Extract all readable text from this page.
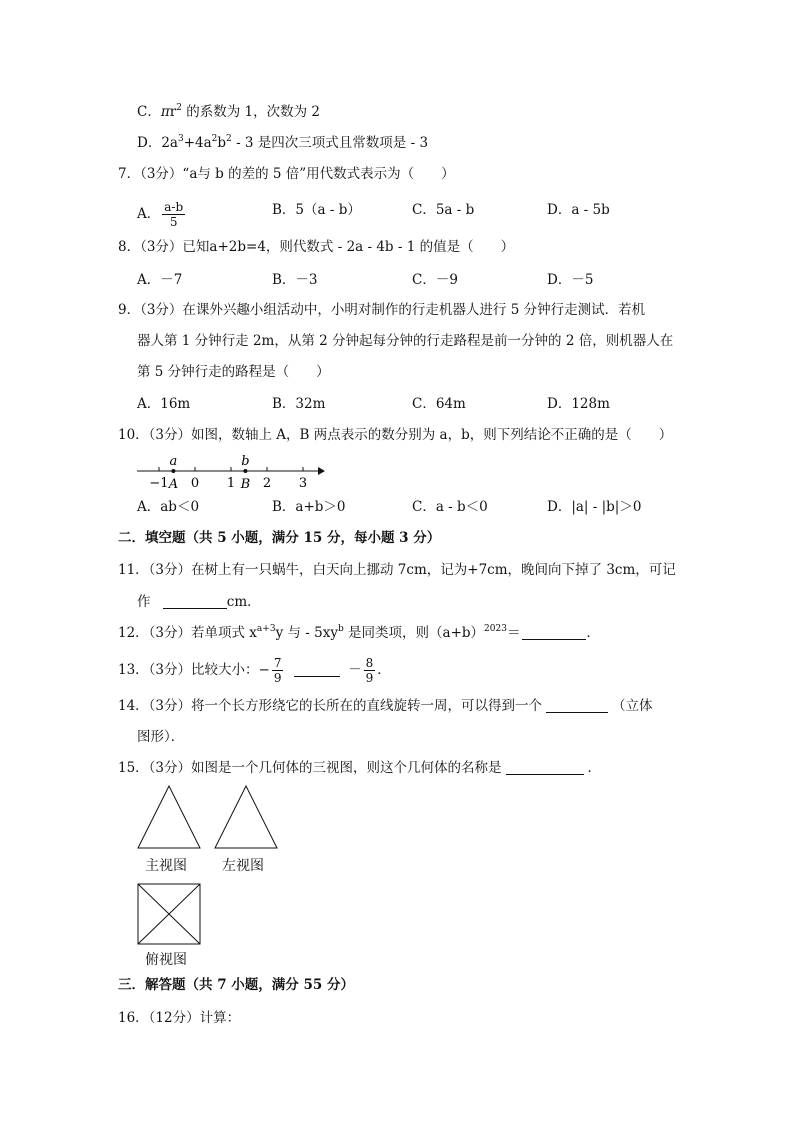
C．$\pi r^2$ 的系数为 1，次数为 2
D．$2a^3+4a^2b^2 - 3$ 是四次三项式且常数项是 - 3
7．（3分）“a与 b 的差的 5 倍”用代数式表示为（　　）
A． $\frac{a-b}{5}$	B．5（a - b）	C．5a - b	D．a - 5b
8．（3分）已知a+2b=4，则代数式 - 2a - 4b - 1 的值是（　　）
A．－7	B．－3	C．－9	D．－5
9．（3分）在课外兴趣小组活动中，小明对制作的行走机器人进行 5 分钟行走测试．若机
器人第 1 分钟行走 2m，从第 2 分钟起每分钟的行走路程是前一分钟的 2 倍，则机器人在
第 5 分钟行走的路程是（　　）
A．16m	B．32m	C．64m	D．128m
10．（3分）如图，数轴上 A，B 两点表示的数分别为 a，b，则下列结论不正确的是（　　）
−1 0 1 2 3
a
A
b
B
A．ab＜0	B．a+b＞0	C．a - b＜0	D．|a| - |b|＞0
二．填空题（共 5 小题，满分 15 分，每小题 3 分）
11．（3分）在树上有一只蜗牛，白天向上挪动 7cm，记为+7cm，晚间向下掉了 3cm，可记
作	cm．
12．（3分）若单项式 $x^{a+3}y$ 与 - $5xy^b$ 是同类项，则$(a+b)^{2023}=$	．
13．（3分）比较大小：− $\frac{7}{9}$	－ $\frac{8}{9}$ ．
14．（3分）将一个长方形绕它的长所在的直线旋转一周，可以得到一个	（立体
图形）．
15．（3分）如图是一个几何体的三视图，则这个几何体的名称是	．
主视图	左视图
俯视图
三．解答题（共 7 小题，满分 55 分）
16．（12分）计算：
